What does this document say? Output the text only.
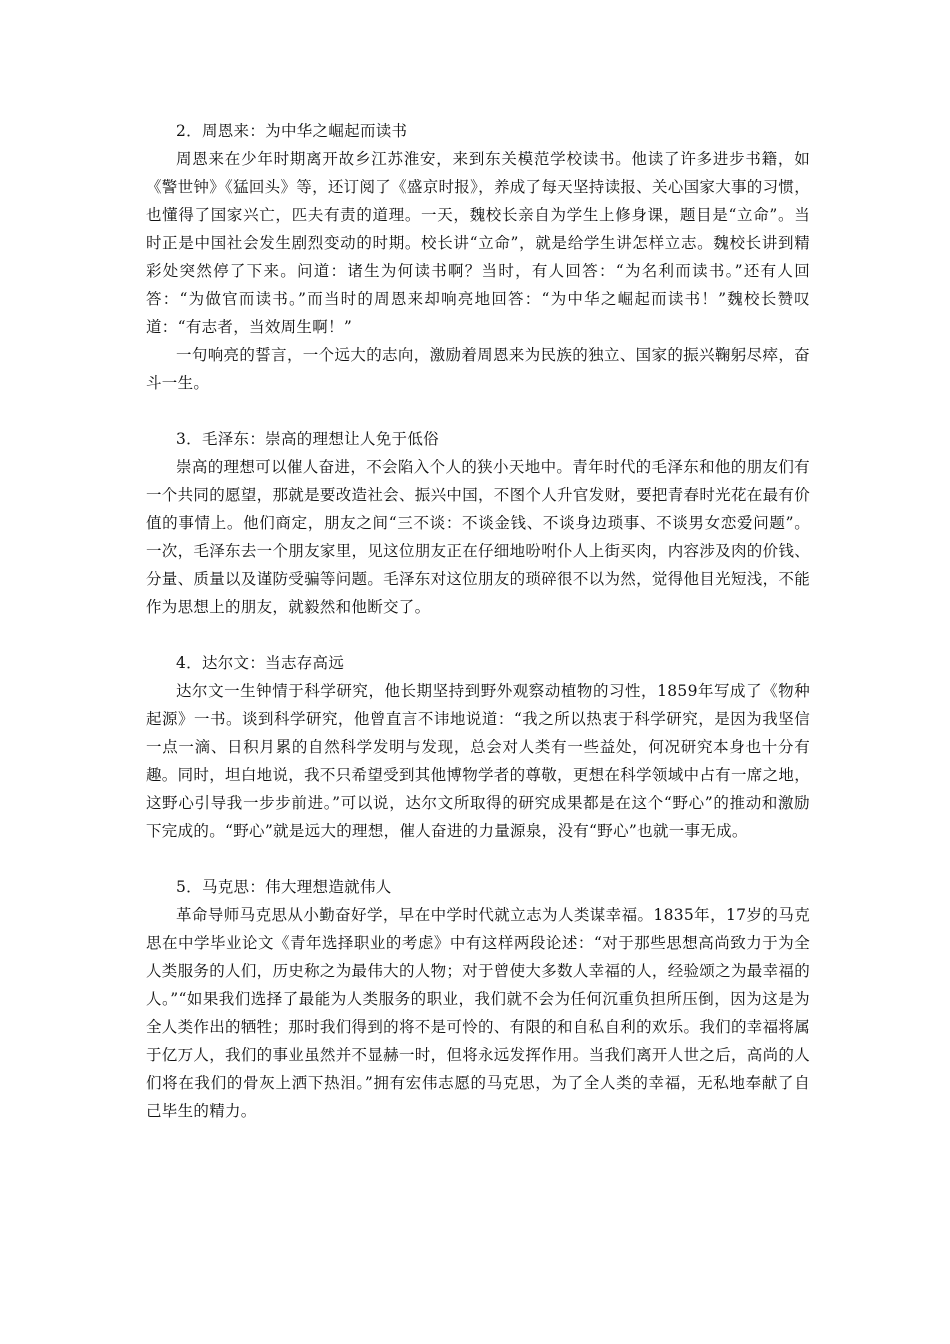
2．周恩来：为中华之崛起而读书

周恩来在少年时期离开故乡江苏淮安，来到东关模范学校读书。他读了许多进步书籍，如《警世钟》《猛回头》等，还订阅了《盛京时报》，养成了每天坚持读报、关心国家大事的习惯，也懂得了国家兴亡，匹夫有责的道理。一天，魏校长亲自为学生上修身课，题目是“立命”。当时正是中国社会发生剧烈变动的时期。校长讲“立命”，就是给学生讲怎样立志。魏校长讲到精彩处突然停了下来。问道：诸生为何读书啊？当时，有人回答：“为名利而读书。”还有人回答：“为做官而读书。”而当时的周恩来却响亮地回答：“为中华之崛起而读书！”魏校长赞叹道：“有志者，当效周生啊！”

一句响亮的誓言，一个远大的志向，激励着周恩来为民族的独立、国家的振兴鞠躬尽瘁，奋斗一生。

3．毛泽东：崇高的理想让人免于低俗

崇高的理想可以催人奋进，不会陷入个人的狭小天地中。青年时代的毛泽东和他的朋友们有一个共同的愿望，那就是要改造社会、振兴中国，不图个人升官发财，要把青春时光花在最有价值的事情上。他们商定，朋友之间“三不谈：不谈金钱、不谈身边琐事、不谈男女恋爱问题”。一次，毛泽东去一个朋友家里，见这位朋友正在仔细地吩咐仆人上街买肉，内容涉及肉的价钱、分量、质量以及谨防受骗等问题。毛泽东对这位朋友的琐碎很不以为然，觉得他目光短浅，不能作为思想上的朋友，就毅然和他断交了。

4．达尔文：当志存高远

达尔文一生钟情于科学研究，他长期坚持到野外观察动植物的习性，1859年写成了《物种起源》一书。谈到科学研究，他曾直言不讳地说道：“我之所以热衷于科学研究，是因为我坚信一点一滴、日积月累的自然科学发明与发现，总会对人类有一些益处，何况研究本身也十分有趣。同时，坦白地说，我不只希望受到其他博物学者的尊敬，更想在科学领域中占有一席之地，这野心引导我一步步前进。”可以说，达尔文所取得的研究成果都是在这个“野心”的推动和激励下完成的。“野心”就是远大的理想，催人奋进的力量源泉，没有“野心”也就一事无成。

5．马克思：伟大理想造就伟人

革命导师马克思从小勤奋好学，早在中学时代就立志为人类谋幸福。1835年，17岁的马克思在中学毕业论文《青年选择职业的考虑》中有这样两段论述：“对于那些思想高尚致力于为全人类服务的人们，历史称之为最伟大的人物；对于曾使大多数人幸福的人，经验颂之为最幸福的人。”“如果我们选择了最能为人类服务的职业，我们就不会为任何沉重负担所压倒，因为这是为全人类作出的牺牲；那时我们得到的将不是可怜的、有限的和自私自利的欢乐。我们的幸福将属于亿万人，我们的事业虽然并不显赫一时，但将永远发挥作用。当我们离开人世之后，高尚的人们将在我们的骨灰上洒下热泪。”拥有宏伟志愿的马克思，为了全人类的幸福，无私地奉献了自己毕生的精力。
